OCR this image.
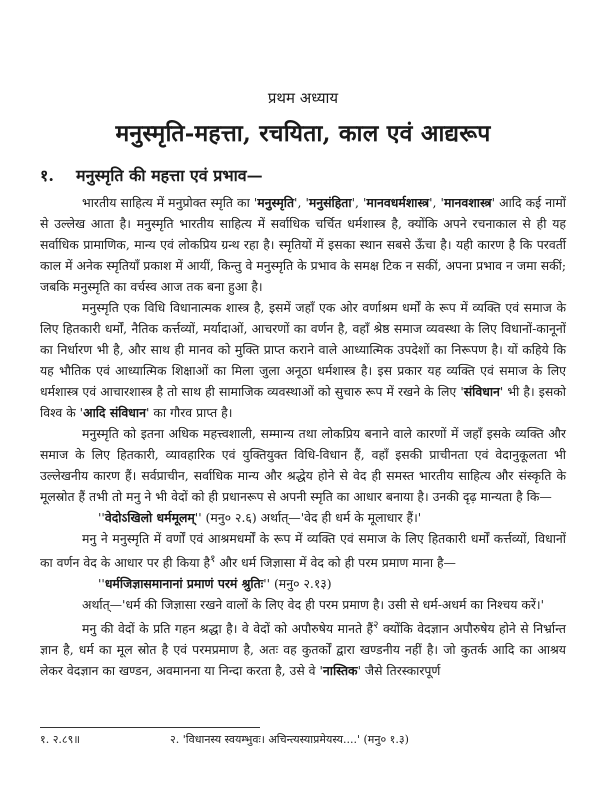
प्रथम अध्याय
मनुस्मृति-महत्ता, रचयिता, काल एवं आद्यरूप
१.	मनुस्मृति की महत्ता एवं प्रभाव—

भारतीय साहित्य में मनुप्रोक्त स्मृति का 'मनुस्मृति', 'मनुसंहिता', 'मानवधर्मशास्त्र', 'मानवशास्त्र' आदि कई नामों से उल्लेख आता है। मनुस्मृति भारतीय साहित्य में सर्वाधिक चर्चित धर्मशास्त्र है, क्योंकि अपने रचनाकाल से ही यह सर्वाधिक प्रामाणिक, मान्य एवं लोकप्रिय ग्रन्थ रहा है। स्मृतियों में इसका स्थान सबसे ऊँचा है। यही कारण है कि परवर्ती काल में अनेक स्मृतियाँ प्रकाश में आयीं, किन्तु वे मनुस्मृति के प्रभाव के समक्ष टिक न सकीं, अपना प्रभाव न जमा सकीं; जबकि मनुस्मृति का वर्चस्व आज तक बना हुआ है।

मनुस्मृति एक विधि विधानात्मक शास्त्र है, इसमें जहाँ एक ओर वर्णाश्रम धर्मों के रूप में व्यक्ति एवं समाज के लिए हितकारी धर्मों, नैतिक कर्त्तव्यों, मर्यादाओं, आचरणों का वर्णन है, वहाँ श्रेष्ठ समाज व्यवस्था के लिए विधानों-कानूनों का निर्धारण भी है, और साथ ही मानव को मुक्ति प्राप्त कराने वाले आध्यात्मिक उपदेशों का निरूपण है। यों कहिये कि यह भौतिक एवं आध्यात्मिक शिक्षाओं का मिला जुला अनूठा धर्मशास्त्र है। इस प्रकार यह व्यक्ति एवं समाज के लिए धर्मशास्त्र एवं आचारशास्त्र है तो साथ ही सामाजिक व्यवस्थाओं को सुचारु रूप में रखने के लिए 'संविधान' भी है। इसको विश्व के 'आदि संविधान' का गौरव प्राप्त है।

मनुस्मृति को इतना अधिक महत्त्वशाली, सम्मान्य तथा लोकप्रिय बनाने वाले कारणों में जहाँ इसके व्यक्ति और समाज के लिए हितकारी, व्यावहारिक एवं युक्तियुक्त विधि-विधान हैं, वहाँ इसकी प्राचीनता एवं वेदानुकूलता भी उल्लेखनीय कारण हैं। सर्वप्राचीन, सर्वाधिक मान्य और श्रद्धेय होने से वेद ही समस्त भारतीय साहित्य और संस्कृति के मूलस्रोत हैं तभी तो मनु ने भी वेदों को ही प्रधानरूप से अपनी स्मृति का आधार बनाया है। उनकी दृढ़ मान्यता है कि—

''वेदोऽखिलो धर्ममूलम्'' (मनु० २.६) अर्थात्—'वेद ही धर्म के मूलाधार हैं।'

मनु ने मनुस्मृति में वर्णों एवं आश्रमधर्मों के रूप में व्यक्ति एवं समाज के लिए हितकारी धर्मों कर्त्तव्यों, विधानों का वर्णन वेद के आधार पर ही किया है$^१$ और धर्म जिज्ञासा में वेद को ही परम प्रमाण माना है—

''धर्मजिज्ञासमानानां प्रमाणं परमं श्रुतिः'' (मनु० २.१३)

अर्थात्—'धर्म की जिज्ञासा रखने वालों के लिए वेद ही परम प्रमाण है। उसी से धर्म-अधर्म का निश्चय करें।'

मनु की वेदों के प्रति गहन श्रद्धा है। वे वेदों को अपौरुषेय मानते हैं$^२$ क्योंकि वेदज्ञान अपौरुषेय होने से निर्भ्रान्त ज्ञान है, धर्म का मूल स्रोत है एवं परमप्रमाण है, अतः वह कुतर्कों द्वारा खण्डनीय नहीं है। जो कुतर्क आदि का आश्रय लेकर वेदज्ञान का खण्डन, अवमानना या निन्दा करता है, उसे वे 'नास्तिक' जैसे तिरस्कारपूर्ण

१. २.८९॥	२. 'विधानस्य स्वयम्भुवः। अचिन्त्यस्याप्रमेयस्य....' (मनु० १.३)
